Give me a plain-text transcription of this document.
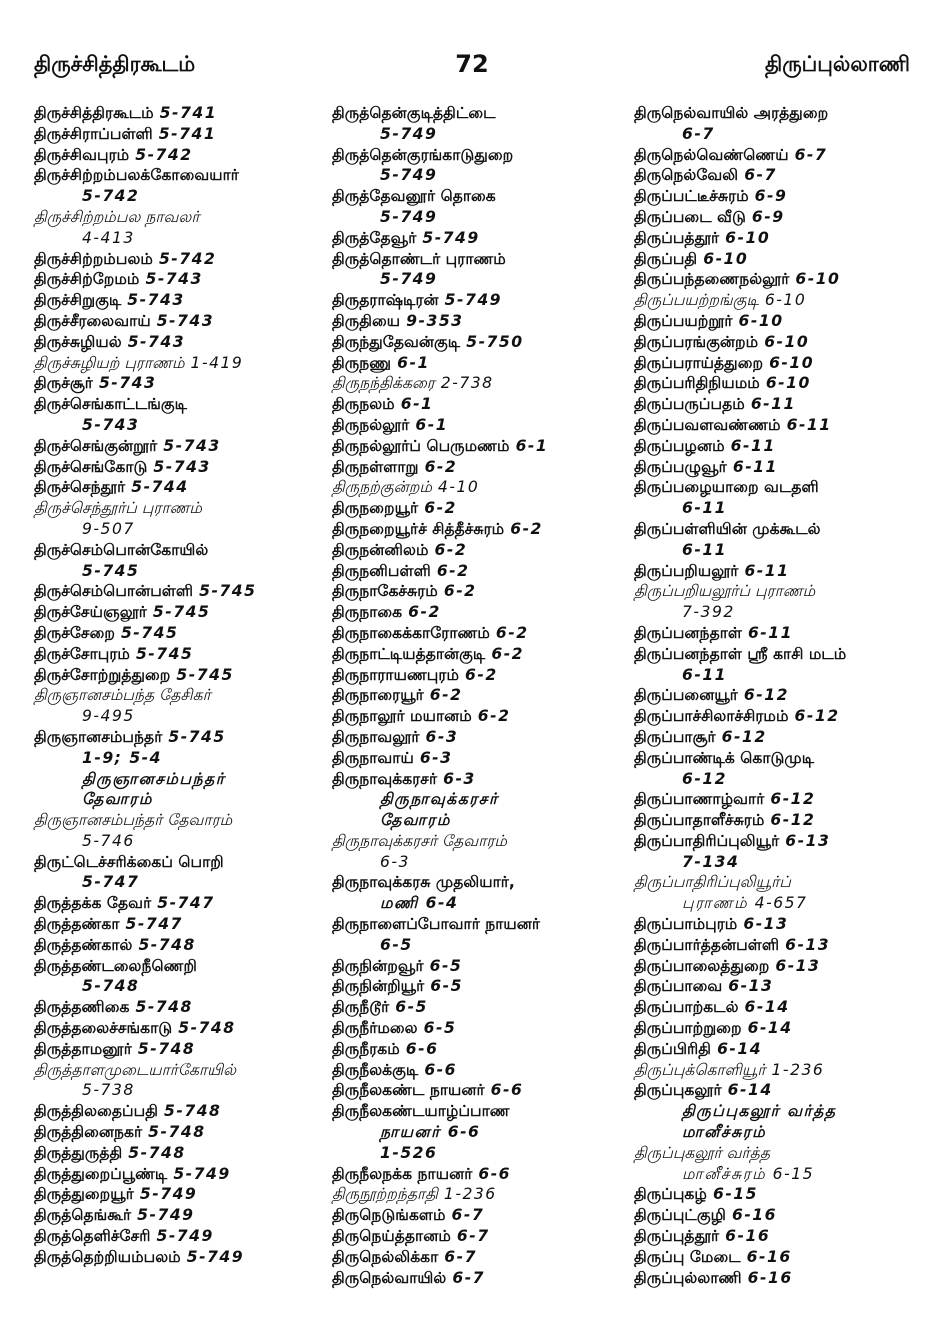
திருச்சித்திரகூடம்	72	திருப்புல்லாணி
திருச்சித்திரகூடம் 5-741
திருச்சிராப்பள்ளி 5-741
திருச்சிவபுரம் 5-742
திருச்சிற்றம்பலக்கோவையார்
5-742
திருச்சிற்றம்பல நாவலர்
4-413
திருச்சிற்றம்பலம் 5-742
திருச்சிற்றேமம் 5-743
திருச்சிறுகுடி 5-743
திருச்சீரலைவாய் 5-743
திருச்சுழியல் 5-743
திருச்சுழியற் புராணம் 1-419
திருச்சூர் 5-743
திருச்செங்காட்டங்குடி
5-743
திருச்செங்குன்றூர் 5-743
திருச்செங்கோடு 5-743
திருச்செந்தூர் 5-744
திருச்செந்தூர்ப் புராணம்
9-507
திருச்செம்பொன்கோயில்
5-745
திருச்செம்பொன்பள்ளி 5-745
திருச்சேய்ஞலூர் 5-745
திருச்சேறை 5-745
திருச்சோபுரம் 5-745
திருச்சோற்றுத்துறை 5-745
திருஞானசம்பந்த தேசிகர்
9-495
திருஞானசம்பந்தர் 5-745
1-9; 5-4
திருஞானசம்பந்தர்
தேவாரம்
திருஞானசம்பந்தர் தேவாரம்
5-746
திருட்டெச்சரிக்கைப் பொறி
5-747
திருத்தக்க தேவர் 5-747
திருத்தண்கா 5-747
திருத்தண்கால் 5-748
திருத்தண்டலைநீணெறி
5-748
திருத்தணிகை 5-748
திருத்தலைச்சங்காடு 5-748
திருத்தாமனூர் 5-748
திருத்தாளமுடையார்கோயில்
5-738
திருத்திலதைப்பதி 5-748
திருத்தினைநகர் 5-748
திருத்துருத்தி 5-748
திருத்துறைப்பூண்டி 5-749
திருத்துறையூர் 5-749
திருத்தெங்கூர் 5-749
திருத்தெளிச்சேரி 5-749
திருத்தெற்றியம்பலம் 5-749
திருத்தென்குடித்திட்டை
5-749
திருத்தென்குரங்காடுதுறை
5-749
திருத்தேவனூர் தொகை
5-749
திருத்தேவூர் 5-749
திருத்தொண்டர் புராணம்
5-749
திருதராஷ்டிரன் 5-749
திருதியை 9-353
திருந்துதேவன்குடி 5-750
திருநணு 6-1
திருநந்திக்கரை 2-738
திருநலம் 6-1
திருநல்லூர் 6-1
திருநல்லூர்ப் பெருமணம் 6-1
திருநள்ளாறு 6-2
திருநற்குன்றம் 4-10
திருநறையூர் 6-2
திருநறையூர்ச் சித்தீச்சுரம் 6-2
திருநன்னிலம் 6-2
திருநனிபள்ளி 6-2
திருநாகேச்சுரம் 6-2
திருநாகை 6-2
திருநாகைக்காரோணம் 6-2
திருநாட்டியத்தான்குடி 6-2
திருநாராயணபுரம் 6-2
திருநாரையூர் 6-2
திருநாலூர் மயானம் 6-2
திருநாவலூர் 6-3
திருநாவாய் 6-3
திருநாவுக்கரசர் 6-3
திருநாவுக்கரசர்
தேவாரம்
திருநாவுக்கரசர் தேவாரம்
6-3
திருநாவுக்கரசு முதலியார்,
மணி 6-4
திருநாளைப்போவார் நாயனர்
6-5
திருநின்றவூர் 6-5
திருநின்றியூர் 6-5
திருநீடூர் 6-5
திருநீர்மலை 6-5
திருநீரகம் 6-6
திருநீலக்குடி 6-6
திருநீலகண்ட நாயனர் 6-6
திருநீலகண்டயாழ்ப்பாண
நாயனர் 6-6
1-526
திருநீலநக்க நாயனர் 6-6
திருநூற்றந்தாதி 1-236
திருநெடுங்களம் 6-7
திருநெய்த்தானம் 6-7
திருநெல்லிக்கா 6-7
திருநெல்வாயில் 6-7
திருநெல்வாயில் அரத்துறை
6-7
திருநெல்வெண்ணெய் 6-7
திருநெல்வேலி 6-7
திருப்பட்டீச்சுரம் 6-9
திருப்படை வீடு 6-9
திருப்பத்தூர் 6-10
திருப்பதி 6-10
திருப்பந்தணைநல்லூர் 6-10
திருப்பயற்றங்குடி 6-10
திருப்பயற்றூர் 6-10
திருப்பரங்குன்றம் 6-10
திருப்பராய்த்துறை 6-10
திருப்பரிதிநியமம் 6-10
திருப்பருப்பதம் 6-11
திருப்பவளவண்ணம் 6-11
திருப்பழனம் 6-11
திருப்பழுவூர் 6-11
திருப்பழையாறை வடதளி
6-11
திருப்பள்ளியின் முக்கூடல்
6-11
திருப்பறியலூர் 6-11
திருப்பறியலூர்ப் புராணம்
7-392
திருப்பனந்தாள் 6-11
திருப்பனந்தாள் ஸ்ரீ காசி மடம்
6-11
திருப்பனையூர் 6-12
திருப்பாச்சிலாச்சிரமம் 6-12
திருப்பாசூர் 6-12
திருப்பாண்டிக் கொடுமுடி
6-12
திருப்பாணாழ்வார் 6-12
திருப்பாதாளீச்சுரம் 6-12
திருப்பாதிரிப்புலியூர் 6-13
7-134
திருப்பாதிரிப்புலியூர்ப்
புராணம் 4-657
திருப்பாம்புரம் 6-13
திருப்பார்த்தன்பள்ளி 6-13
திருப்பாலைத்துறை 6-13
திருப்பாவை 6-13
திருப்பாற்கடல் 6-14
திருப்பாற்றுறை 6-14
திருப்பிரிதி 6-14
திருப்புக்கொளியூர் 1-236
திருப்புகலூர் 6-14
திருப்புகலூர் வர்த்த
மானீச்சுரம்
திருப்புகலூர் வர்த்த
மானீச்சுரம் 6-15
திருப்புகழ் 6-15
திருப்புட்குழி 6-16
திருப்புத்தூர் 6-16
திருப்பு மேடை 6-16
திருப்புல்லாணி 6-16
